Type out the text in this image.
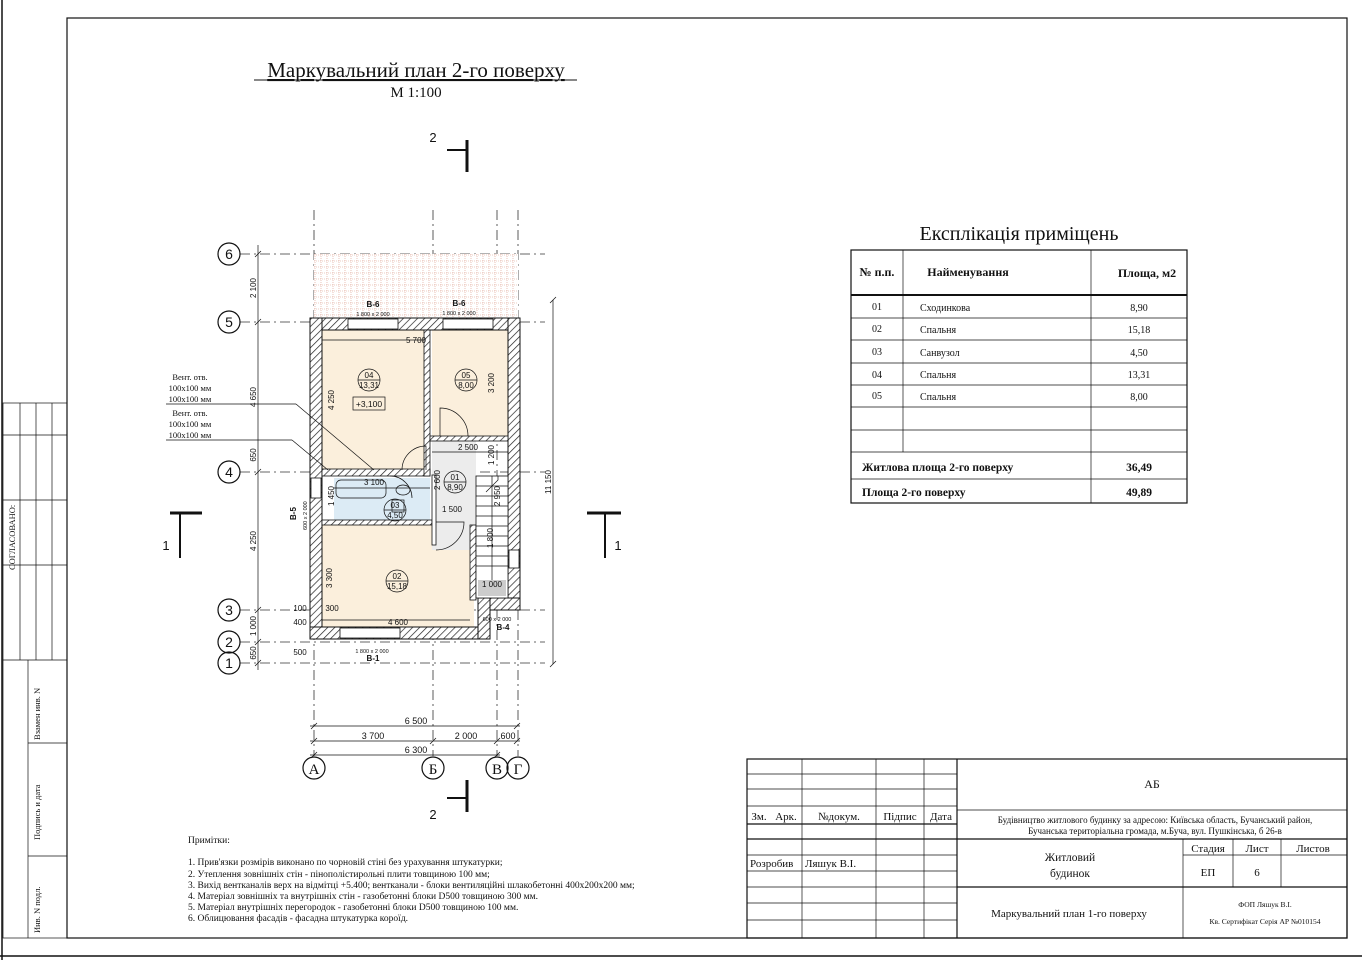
СОГЛАСОВАНО:
Взамен инв. N
Подпись и дата
Инв. N подл.
Маркувальний план 2-го поверху
М 1:100
2
2
1	1
6
5
4
3
2
1
А	Б	В Г
Вент. отв.
100х100 мм
100х100 мм
Вент. отв.
100х100 мм
100х100 мм
04
13,31
+3,100
05
8,00
01
8,90
03
4,50
02
15,18
В-6
1 800 х 2 000
В-6
1 800 х 2 000
В-5 600 х 2 000
1 800 х 2 000
В-1
600 х 2 000
В-4
2 100
4 650
650
4 250
1 000
650
11 150
5 700
4 250
3 200
2 500 1 200
3 100	2 600
1 450
1 500
1 800
2 950
3 300	1 000
100 300
400	4 600
500
6 500
3 700	2 000	600
6 300
Експлікація приміщень
№ п.п.	Найменування	Площа, м2
01	Сходинкова	8,90
02	Спальня	15,18
03	Санвузол	4,50
04	Спальня	13,31
05	Спальня	8,00
Житлова площа 2-го поверху	36,49
Площа 2-го поверху	49,89
Примітки:
1. Прив'язки розмірів виконано по чорновій стіні без урахування штукатурки;
2. Утеплення зовнішніх стін - пінополістирольні плити товщиною 100 мм;
3. Вихід вентканалів верх на відмітці +5.400; вентканали - блоки вентиляційні шлакобетонні 400х200х200 мм;
4. Матеріал зовнішніх та внутрішніх стін - газобетонні блоки D500 товщиною 300 мм.
5. Матеріал внутрішніх перегородок - газобетонні блоки D500 товщиною 100 мм.
6. Облицювання фасадів - фасадна штукатурка короїд.
АБ
Будівництво житлового будинку за адресою: Київська область, Бучанський район,
Бучанська територіальна громада, м.Буча, вул. Пушкінська, б 26-в
Зм. Арк. №докум. Підпис Дата
Розробив Ляшук В.І.	Житловий
будинок
Стадия Лист	Листов
ЕП	6
Маркувальний план 1-го поверху
ФОП Ляшук В.І.
Кв. Сертифікат Серія АР №010154
